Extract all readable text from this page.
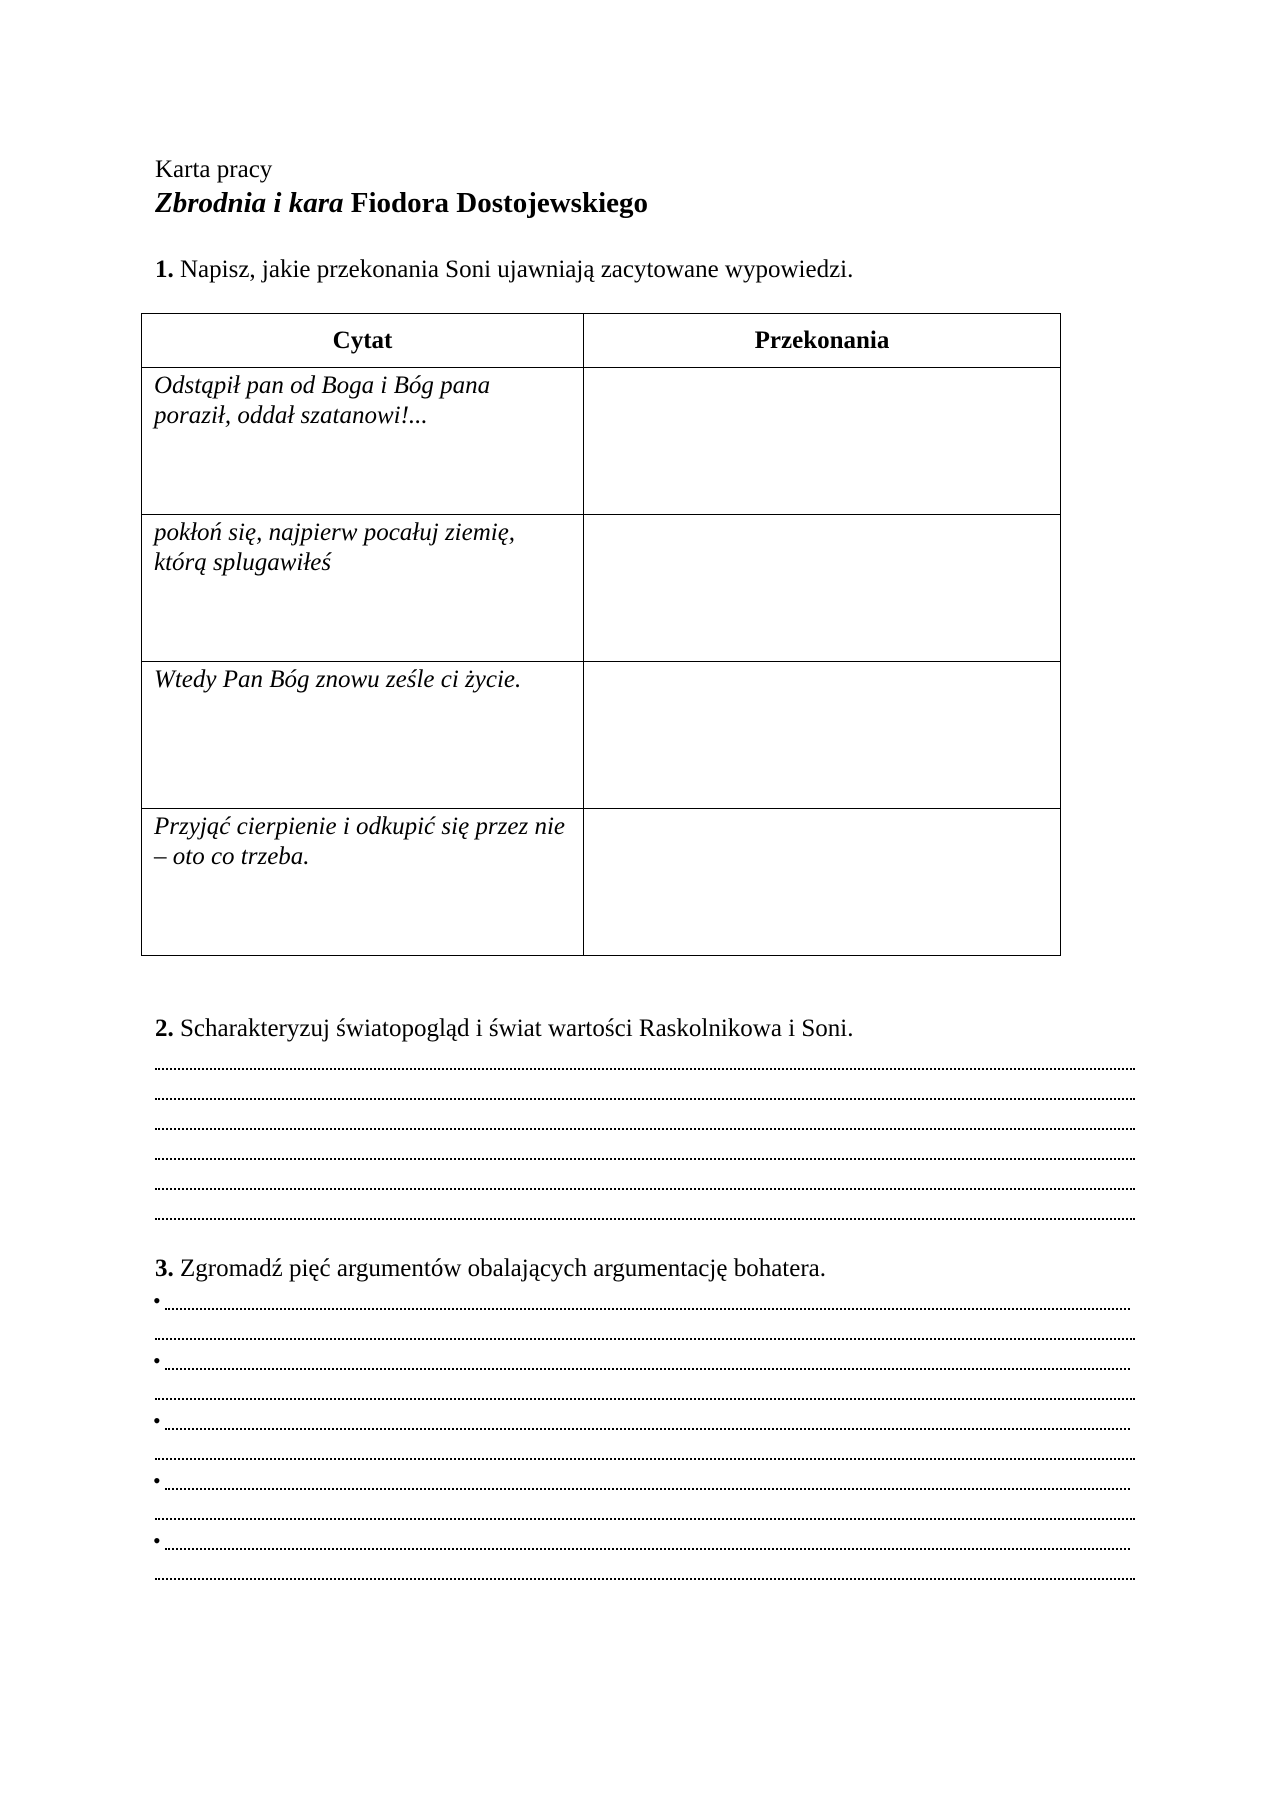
Karta pracy
Zbrodnia i kara Fiodora Dostojewskiego
1. Napisz, jakie przekonania Soni ujawniają zacytowane wypowiedzi.
Cytat	Przekonania

Odstąpił pan od Boga i Bóg pana poraził, oddał szatanowi!...	

pokłoń się, najpierw pocałuj ziemię, którą splugawiłeś	

Wtedy Pan Bóg znowu ześle ci życie.	

Przyjąć cierpienie i odkupić się przez nie – oto co trzeba.	

2. Scharakteryzuj światopogląd i świat wartości Raskolnikowa i Soni.
3. Zgromadź pięć argumentów obalających argumentację bohatera.
•
•
•
•
•
